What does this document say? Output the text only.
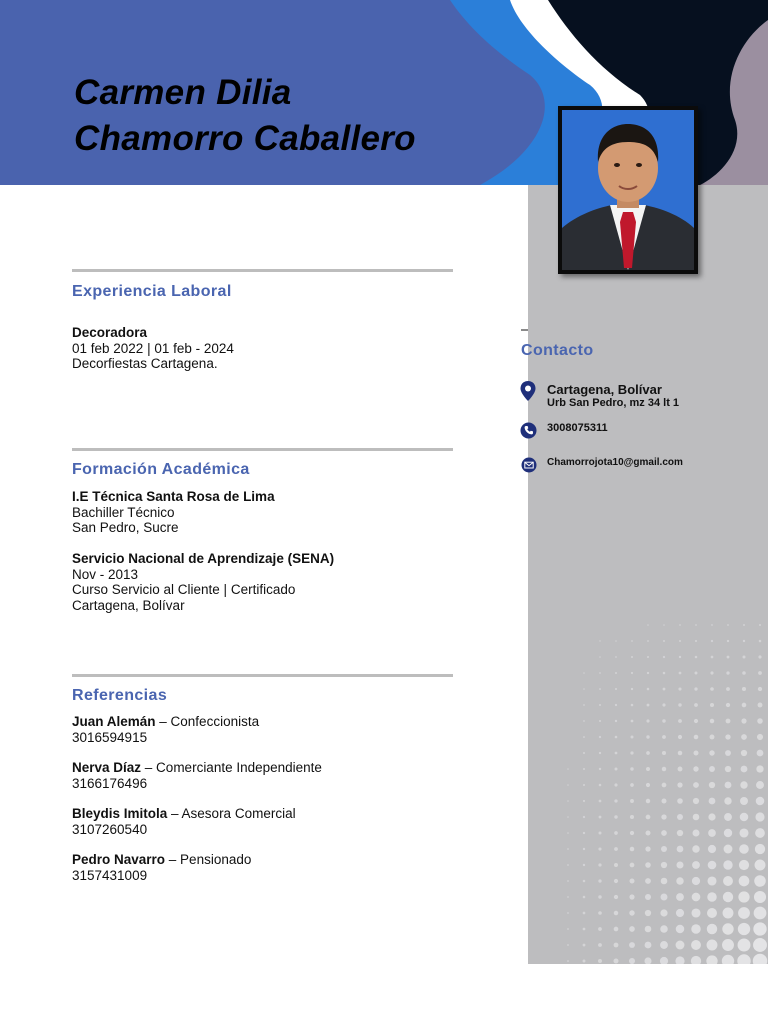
Carmen Dilia
Chamorro Caballero
Experiencia Laboral
Decoradora
01 feb 2022 | 01 feb - 2024
Decorfiestas Cartagena.
Formación Académica
I.E Técnica Santa Rosa de Lima
Bachiller Técnico
San Pedro, Sucre
Servicio Nacional de Aprendizaje (SENA)
Nov - 2013
Curso Servicio al Cliente | Certificado
Cartagena, Bolívar
Referencias
Juan Alemán – Confeccionista
3016594915
Nerva Díaz – Comerciante Independiente
3166176496
Bleydis Imitola – Asesora Comercial
3107260540
Pedro Navarro – Pensionado
3157431009
Contacto
Cartagena, Bolívar
Urb San Pedro, mz 34 lt 1
3008075311
Chamorrojota10@gmail.com
